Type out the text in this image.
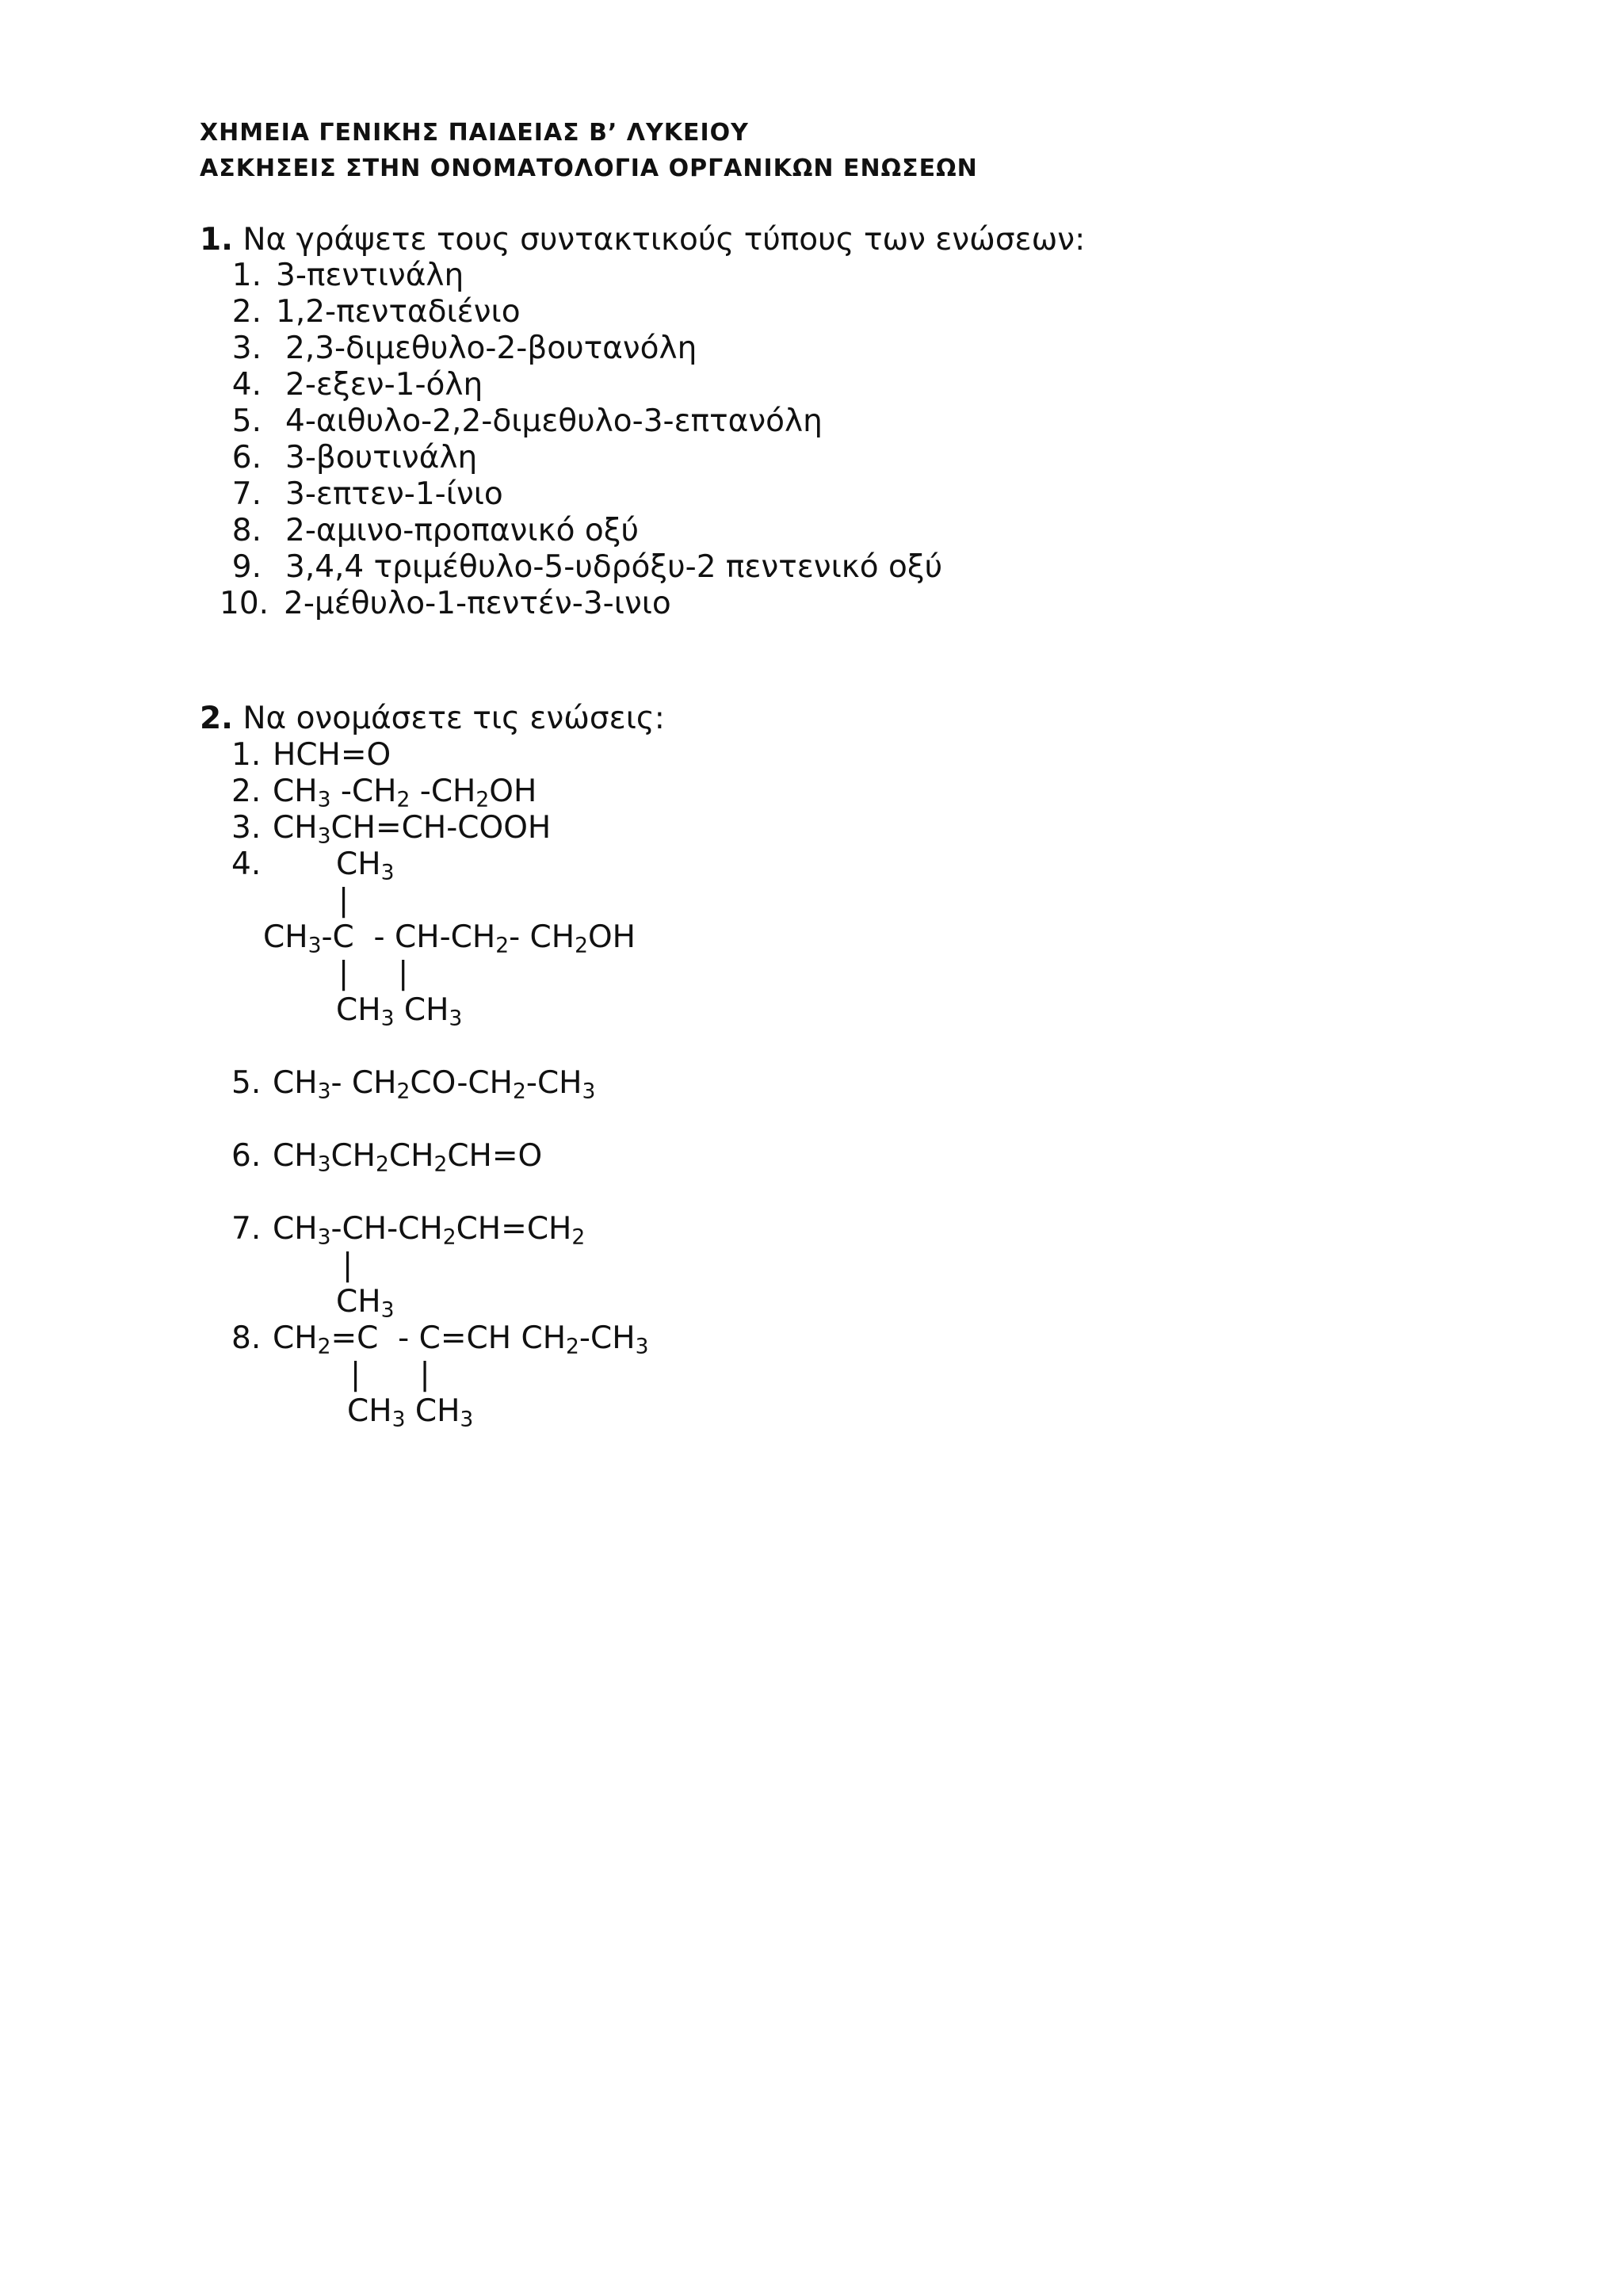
ΧΗΜΕΙΑ ΓΕΝΙΚΗΣ ΠΑΙΔΕΙΑΣ Β’ ΛΥΚΕΙΟΥ
ΑΣΚΗΣΕΙΣ ΣΤΗΝ ΟΝΟΜΑΤΟΛΟΓΙΑ ΟΡΓΑΝΙΚΩΝ ΕΝΩΣΕΩΝ
1. Να γράψετε τους συντακτικούς τύπους των ενώσεων:
1. 3-πεντινάλη
2. 1,2-πενταδιένιο
3. 2,3-διμεθυλο-2-βουτανόλη
4. 2-εξεν-1-όλη
5. 4-αιθυλο-2,2-διμεθυλο-3-επτανόλη
6. 3-βουτινάλη
7. 3-επτεν-1-ίνιο
8. 2-αμινο-προπανικό οξύ
9. 3,4,4 τριμέθυλο-5-υδρόξυ-2 πεντενικό οξύ
10. 2-μέθυλο-1-πεντέν-3-ινιο
2. Να ονομάσετε τις ενώσεις:
1.
2.
3.
4.
5.
6.
7.
8.
HCH=O
$CH_3$ $-CH_2$ $-CH_2OH$
$CH_3CH=CH$-COOH
$CH_3$
|
$CH_3-C - CH-CH_2-$ $CH_2OH$
|     |
$CH_3$ $CH_3$
$CH_3-$ $CH_2CO-CH_2-CH_3$
$CH_3CH_2CH_2CH=O$
$CH_3-CH-CH_2CH=CH_2$
|
$CH_3$
$CH_2=C - C=CH$ $CH_2-CH_3$
|      |
$CH_3$ $CH_3$
